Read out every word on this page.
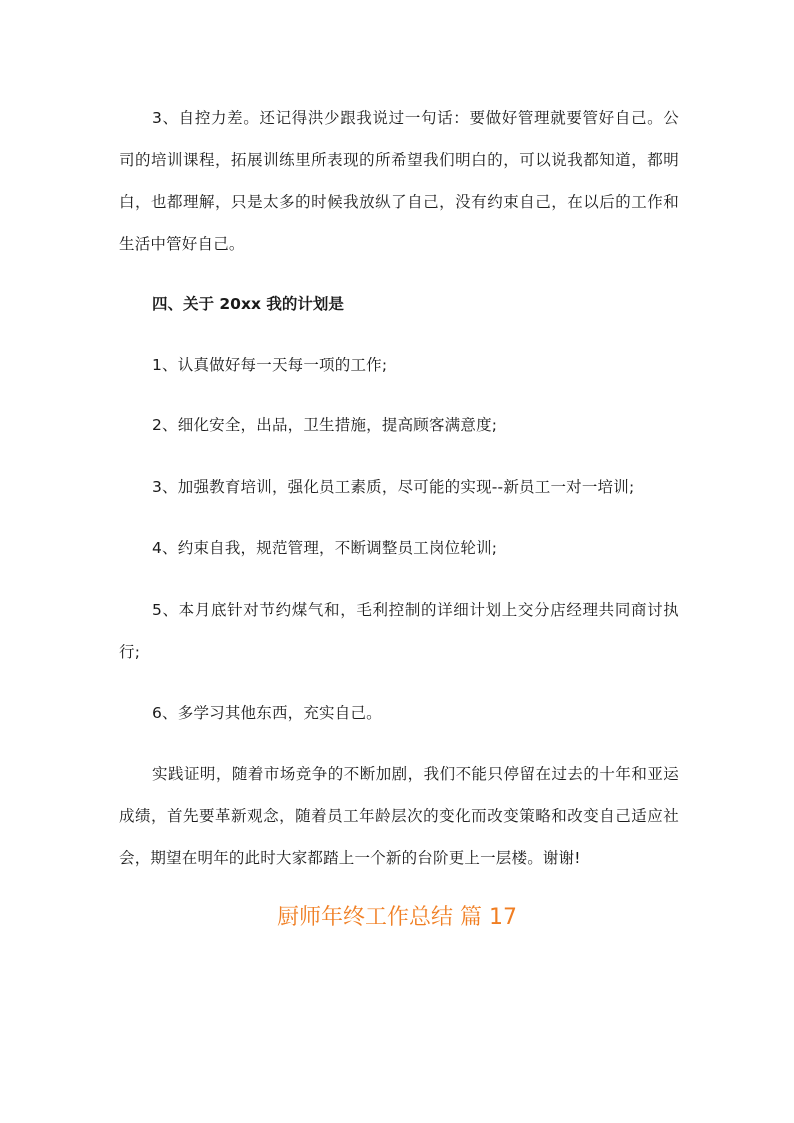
3、自控力差。还记得洪少跟我说过一句话：要做好管理就要管好自己。公司的培训课程，拓展训练里所表现的所希望我们明白的，可以说我都知道，都明白，也都理解，只是太多的时候我放纵了自己，没有约束自己，在以后的工作和生活中管好自己。

四、关于 20xx 我的计划是

1、认真做好每一天每一项的工作;

2、细化安全，出品，卫生措施，提高顾客满意度;

3、加强教育培训，强化员工素质，尽可能的实现--新员工一对一培训;

4、约束自我，规范管理，不断调整员工岗位轮训;

5、本月底针对节约煤气和，毛利控制的详细计划上交分店经理共同商讨执行;

6、多学习其他东西，充实自己。

实践证明，随着市场竞争的不断加剧，我们不能只停留在过去的十年和亚运成绩，首先要革新观念，随着员工年龄层次的变化而改变策略和改变自己适应社会，期望在明年的此时大家都踏上一个新的台阶更上一层楼。谢谢!

厨师年终工作总结 篇 17
